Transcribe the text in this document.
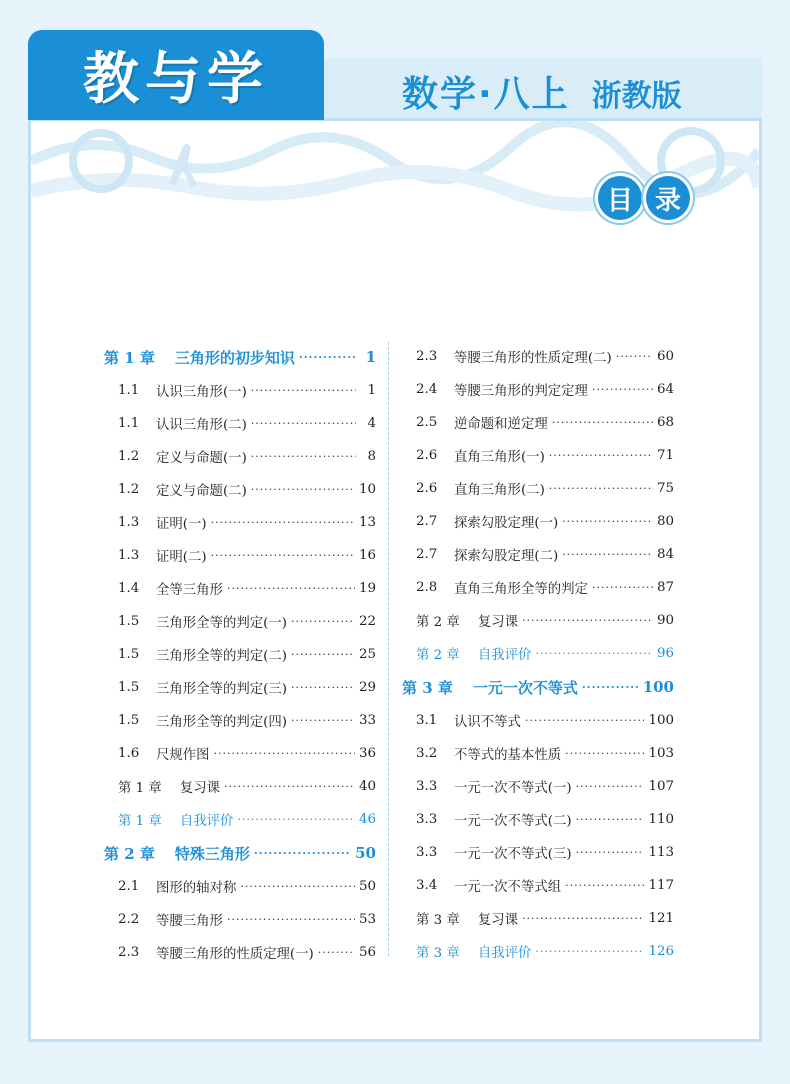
教与学	数学·八上 浙教版
目 录
第 1 章 三角形的初步知识 ·····	1
1.1	认识三角形(一) ·····	1
1.1	认识三角形(二) ·····	4
1.2	定义与命题(一) ·····	8
1.2	定义与命题(二) ·····	10
1.3	证明(一) ·····	13
1.3	证明(二) ·····	16
1.4	全等三角形 ·····	19
1.5	三角形全等的判定(一) ·····	22
1.5	三角形全等的判定(二) ·····	25
1.5	三角形全等的判定(三) ·····	29
1.5	三角形全等的判定(四) ·····	33
1.6	尺规作图 ·····	36
第 1 章 复习课 ·····	40
第 1 章 自我评价 ·····	46
第 2 章 特殊三角形 ·····	50
2.1	图形的轴对称 ·····	50
2.2	等腰三角形 ·····	53
2.3	等腰三角形的性质定理(一) ·····	56
2.3	等腰三角形的性质定理(二) ·····	60
2.4	等腰三角形的判定定理 ·····	64
2.5	逆命题和逆定理 ·····	68
2.6	直角三角形(一) ·····	71
2.6	直角三角形(二) ·····	75
2.7	探索勾股定理(一) ·····	80
2.7	探索勾股定理(二) ·····	84
2.8	直角三角形全等的判定 ·····	87
第 2 章 复习课 ·····	90
第 2 章 自我评价 ·····	96
第 3 章 一元一次不等式 ·····	100
3.1	认识不等式 ·····	100
3.2	不等式的基本性质 ·····	103
3.3	一元一次不等式(一) ·····	107
3.3	一元一次不等式(二) ·····	110
3.3	一元一次不等式(三) ·····	113
3.4	一元一次不等式组 ·····	117
第 3 章 复习课 ·····	121
第 3 章 自我评价 ·····	126
